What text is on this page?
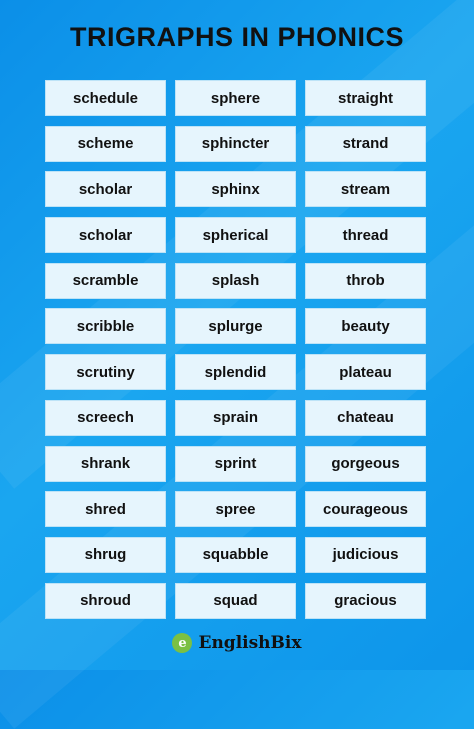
TRIGRAPHS IN PHONICS
schedule	sphere	straight
scheme	sphincter	strand
scholar	sphinx	stream
scholar	spherical	thread
scramble	splash	throb
scribble	splurge	beauty
scrutiny	splendid	plateau
screech	sprain	chateau
shrank	sprint	gorgeous
shred	spree	courageous
shrug	squabble	judicious
shroud	squad	gracious
e EnglishBix
